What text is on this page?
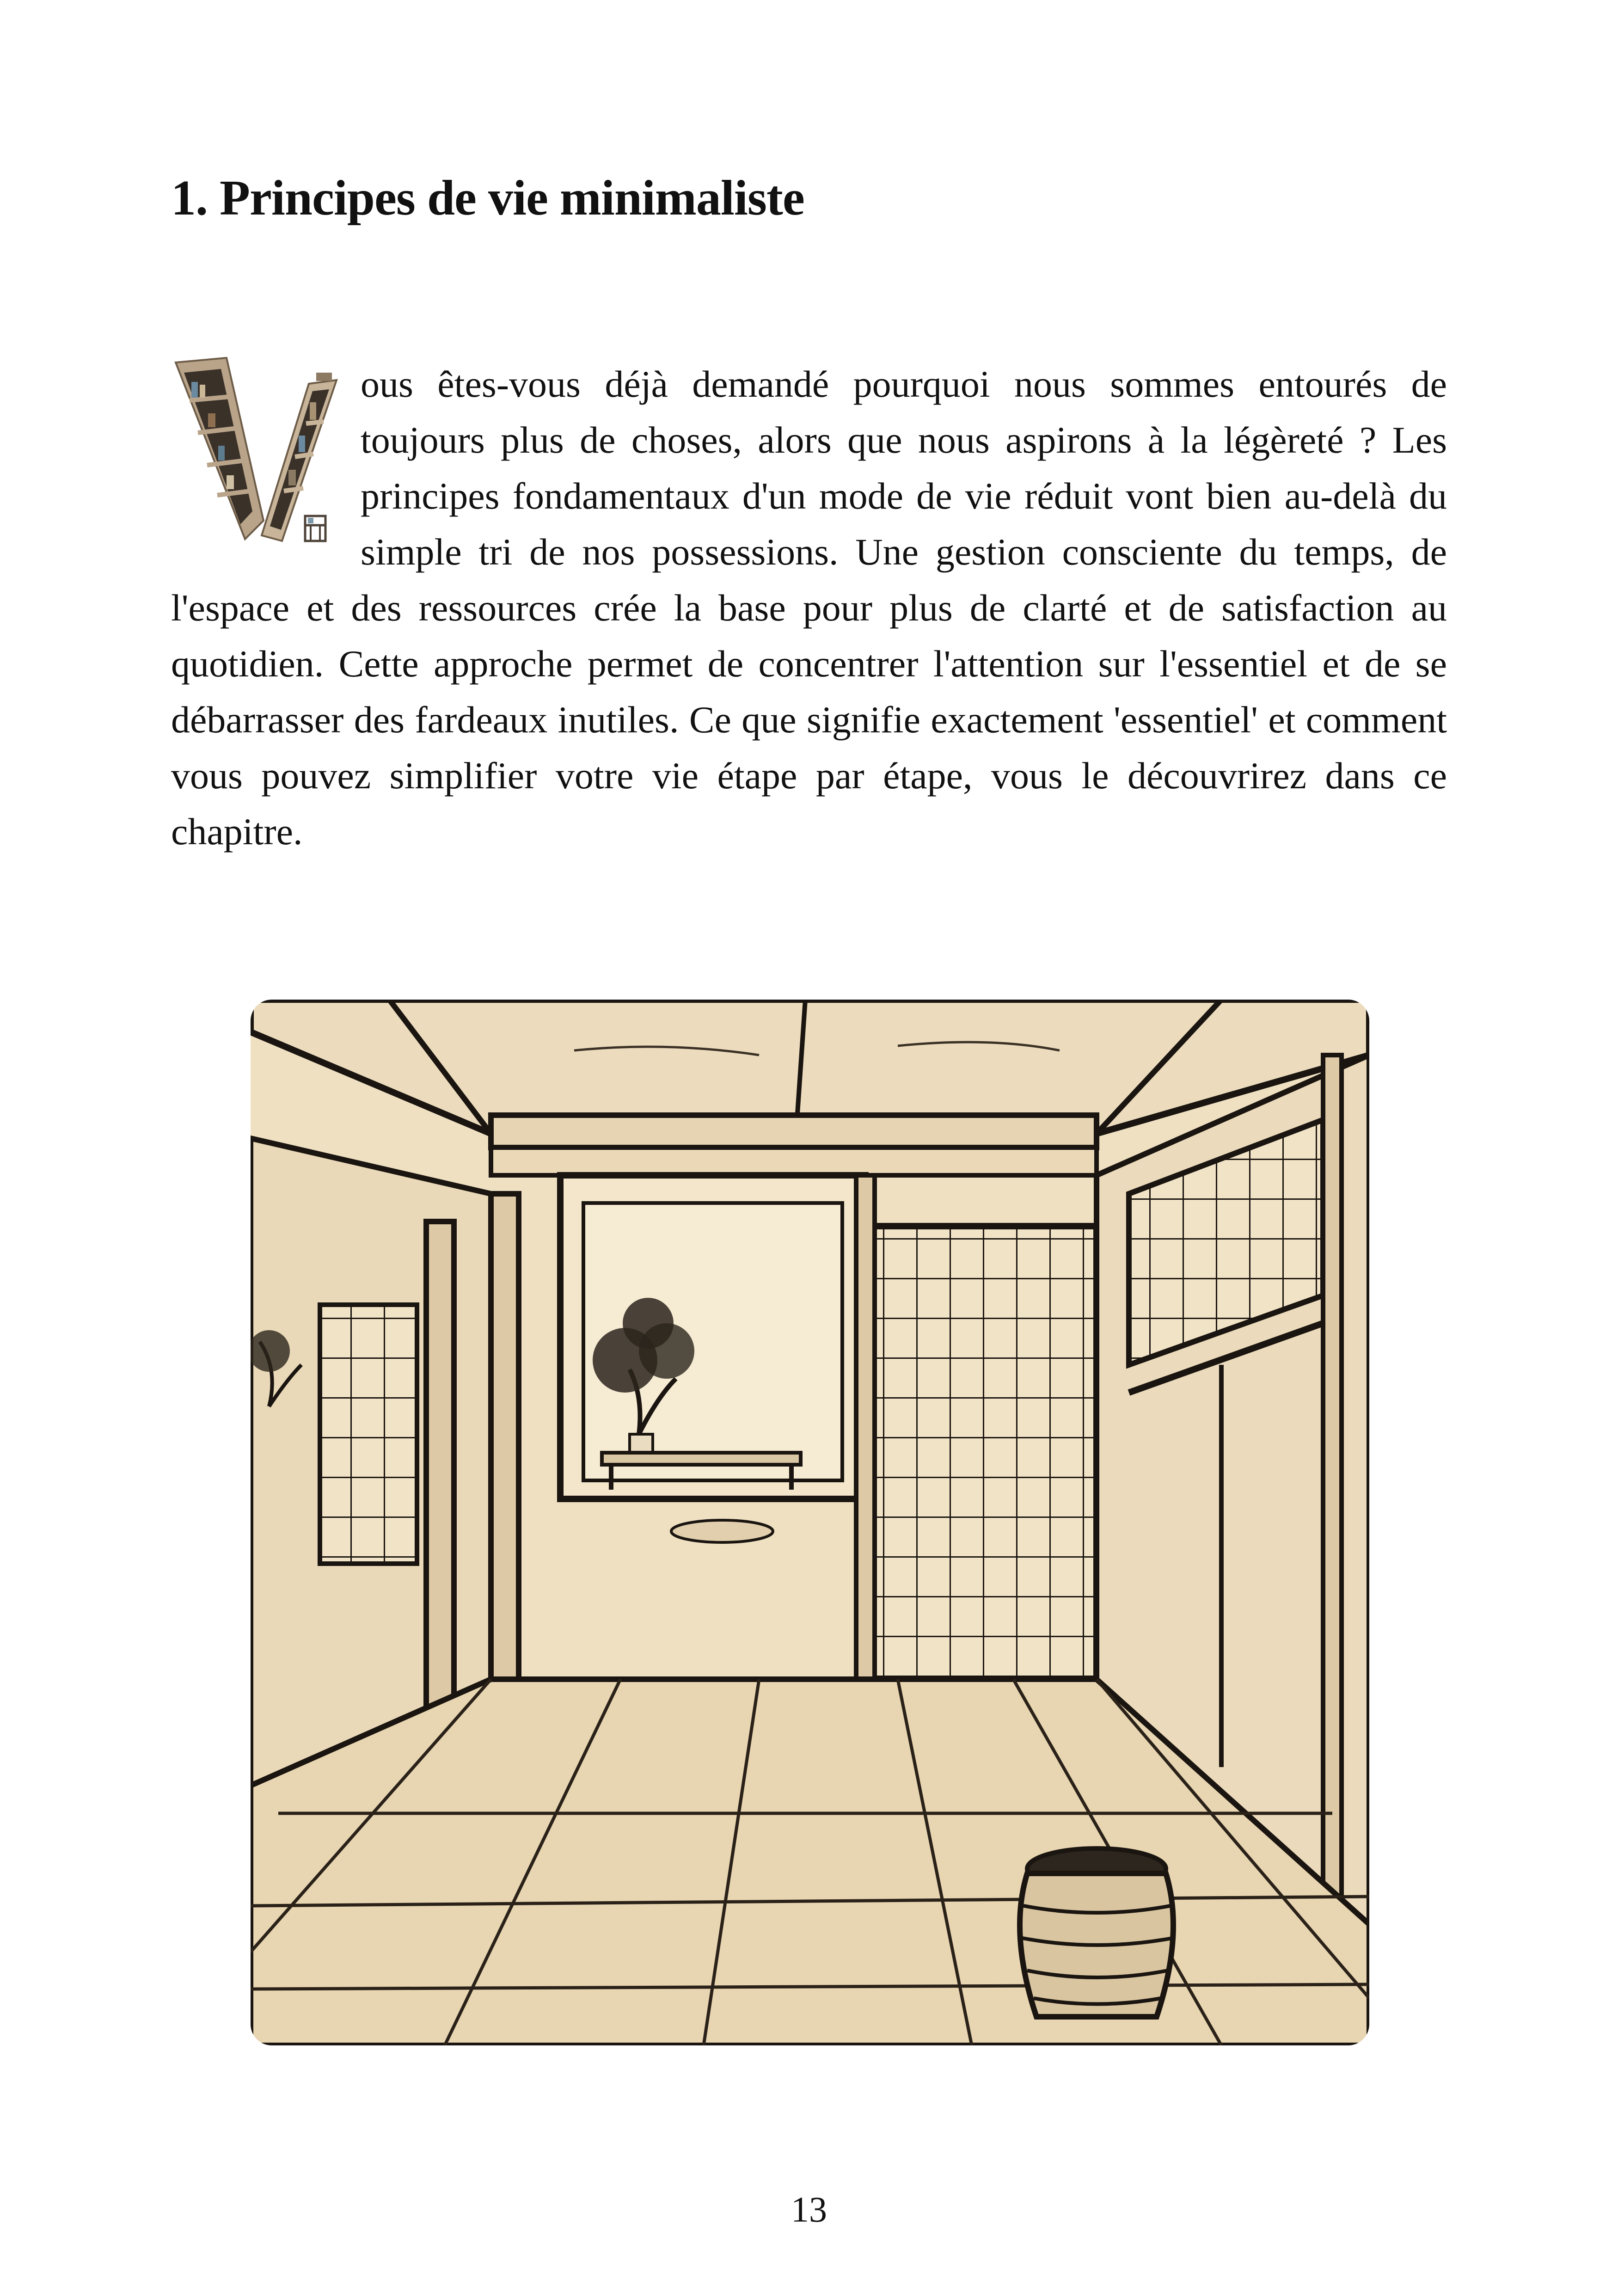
1. Principes de vie minimaliste

ous êtes-vous déjà demandé pourquoi nous sommes entourés de toujours plus de choses, alors que nous aspirons à la légèreté ? Les principes fondamentaux d'un mode de vie réduit vont bien au-delà du simple tri de nos possessions. Une gestion consciente du temps, de l'espace et des ressources crée la base pour plus de clarté et de satisfaction au quotidien. Cette approche permet de concentrer l'attention sur l'essentiel et de se débarrasser des fardeaux inutiles. Ce que signifie exactement 'essentiel' et comment vous pouvez simplifier votre vie étape par étape, vous le découvrirez dans ce chapitre.

13
